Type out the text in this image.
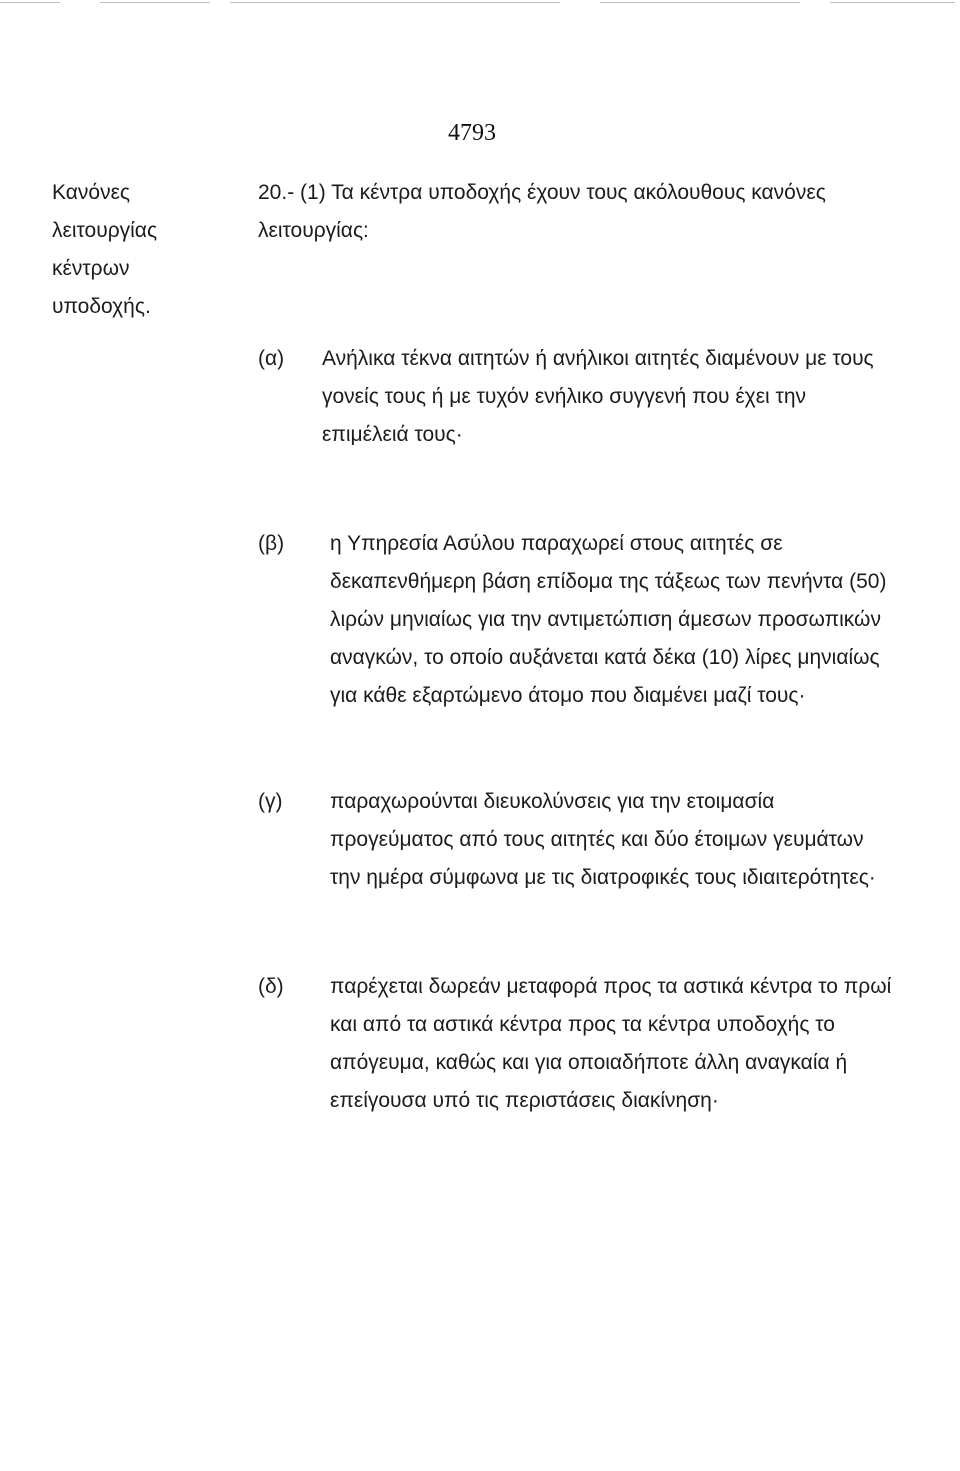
4793
Κανόνες
λειτουργίας
κέντρων
υποδοχής.
20.- (1) Τα κέντρα υποδοχής έχουν τους ακόλουθους κανόνες
λειτουργίας:
(α) Ανήλικα τέκνα αιτητών ή ανήλικοι αιτητές διαμένουν με τους
γονείς τους ή με τυχόν ενήλικο συγγενή που έχει την
επιμέλειά τους·
(β) η Υπηρεσία Ασύλου παραχωρεί στους αιτητές σε
δεκαπενθήμερη βάση επίδομα της τάξεως των πενήντα (50)
λιρών μηνιαίως για την αντιμετώπιση άμεσων προσωπικών
αναγκών, το οποίο αυξάνεται κατά δέκα (10) λίρες μηνιαίως
για κάθε εξαρτώμενο άτομο που διαμένει μαζί τους·
(γ) παραχωρούνται διευκολύνσεις για την ετοιμασία
προγεύματος από τους αιτητές και δύο έτοιμων γευμάτων
την ημέρα σύμφωνα με τις διατροφικές τους ιδιαιτερότητες·
(δ) παρέχεται δωρεάν μεταφορά προς τα αστικά κέντρα το πρωί
και από τα αστικά κέντρα προς τα κέντρα υποδοχής το
απόγευμα, καθώς και για οποιαδήποτε άλλη αναγκαία ή
επείγουσα υπό τις περιστάσεις διακίνηση·
